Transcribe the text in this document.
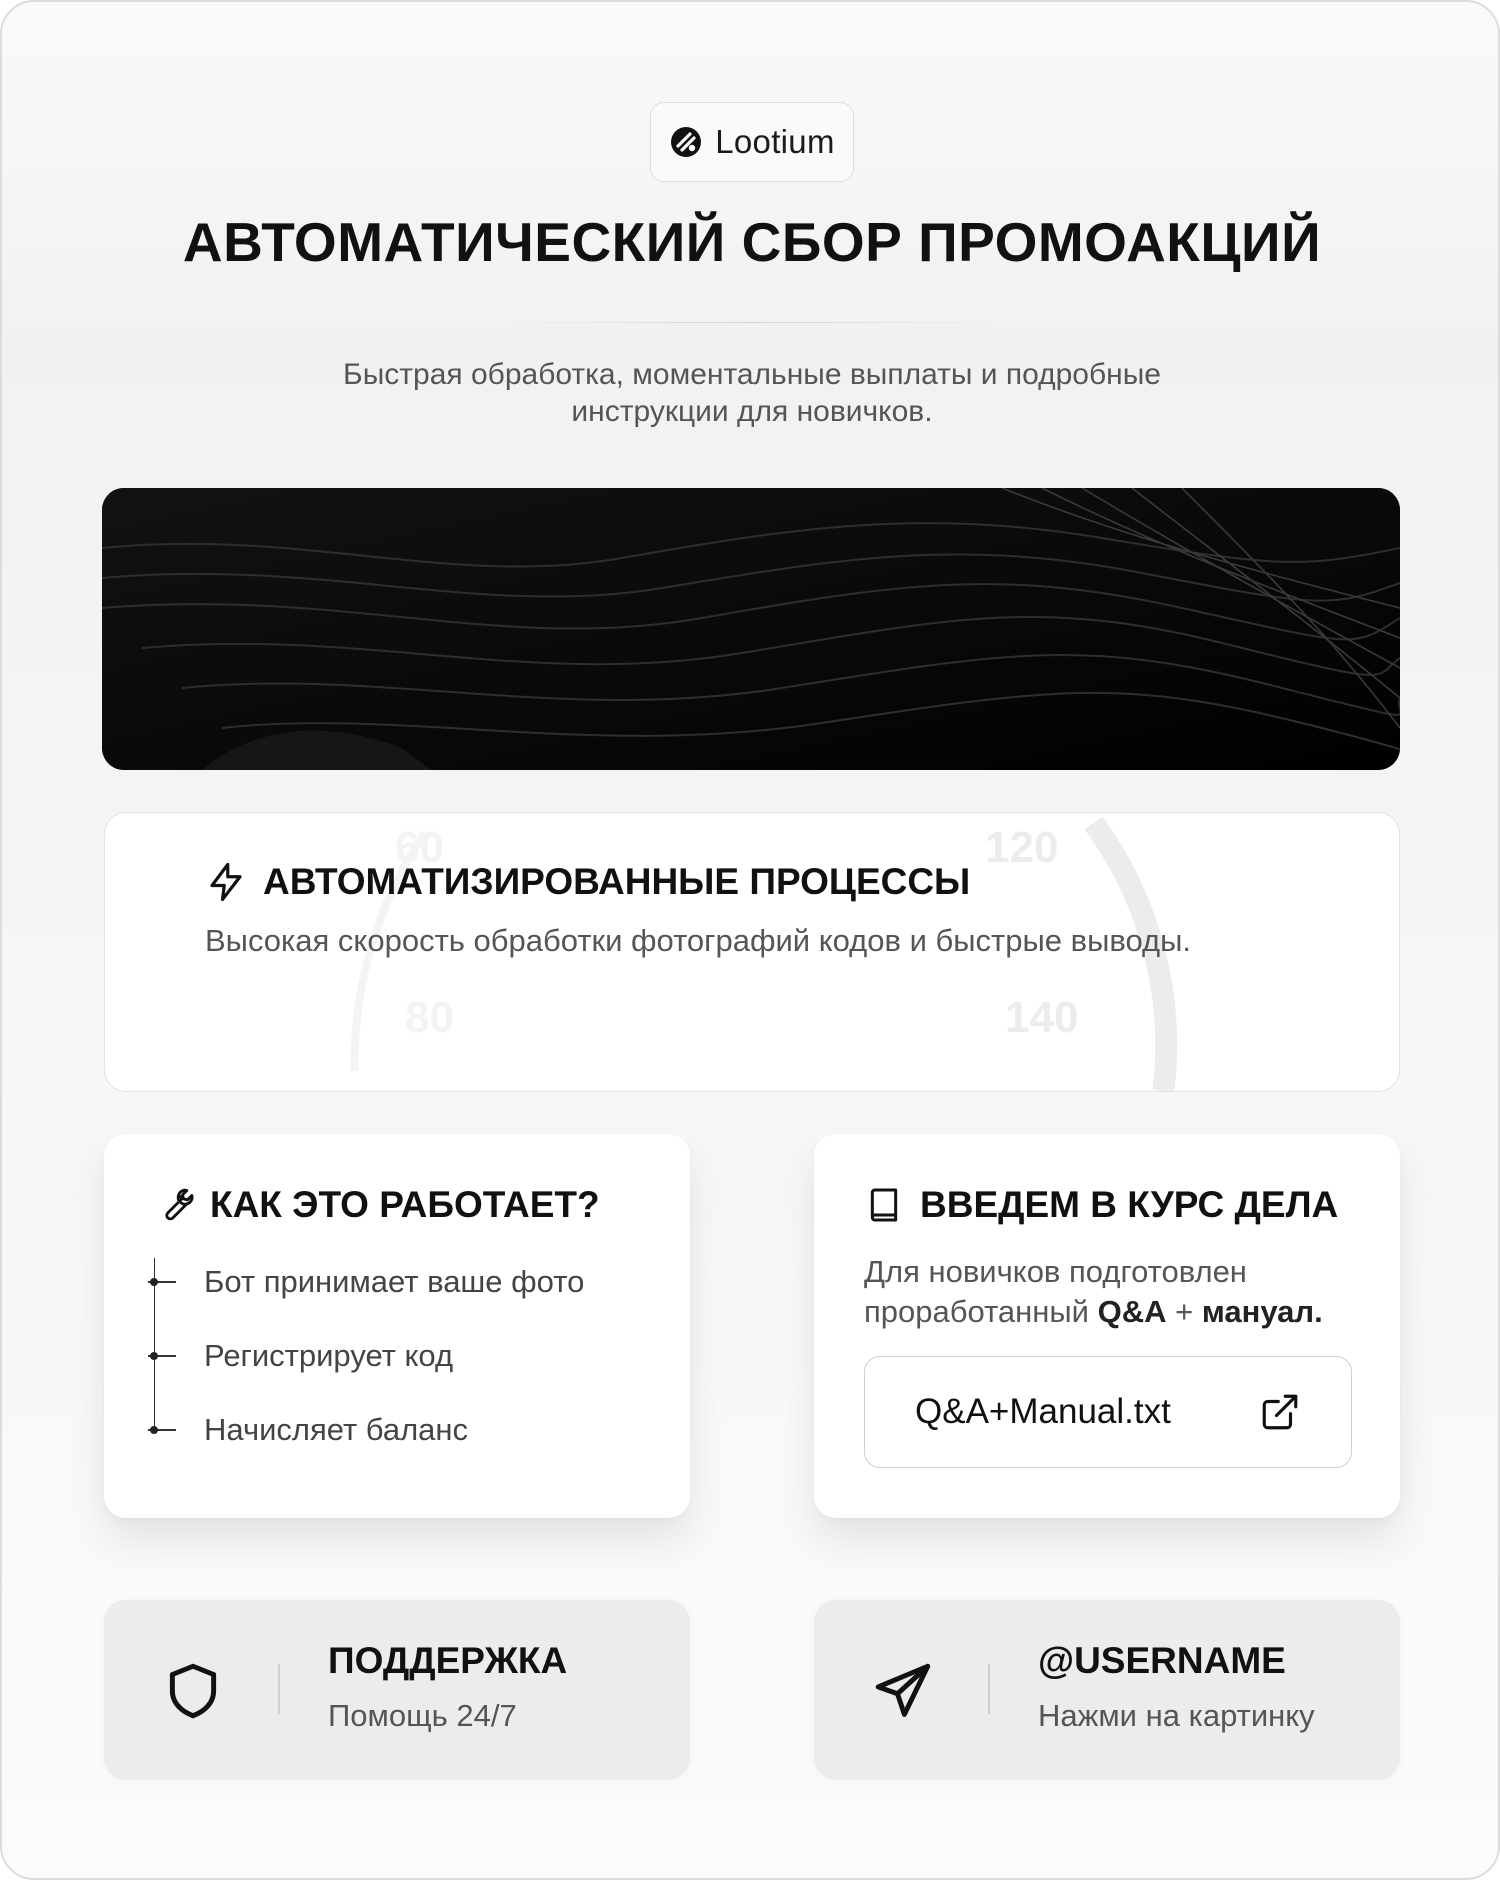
Lootium
АВТОМАТИЧЕСКИЙ СБОР ПРОМОАКЦИЙ
Быстрая обработка, моментальные выплаты и подробные
инструкции для новичков.
120
140
60
80
АВТОМАТИЗИРОВАННЫЕ ПРОЦЕССЫ
Высокая скорость обработки фотографий кодов и быстрые выводы.
КАК ЭТО РАБОТАЕТ?
Бот принимает ваше фото
Регистрирует код
Начисляет баланс
ВВЕДЕМ В КУРС ДЕЛА
Для новичков подготовлен
проработанный Q&A + мануал.
Q&A+Manual.txt
ПОДДЕРЖКА
Помощь 24/7
@USERNAME
Нажми на картинку
